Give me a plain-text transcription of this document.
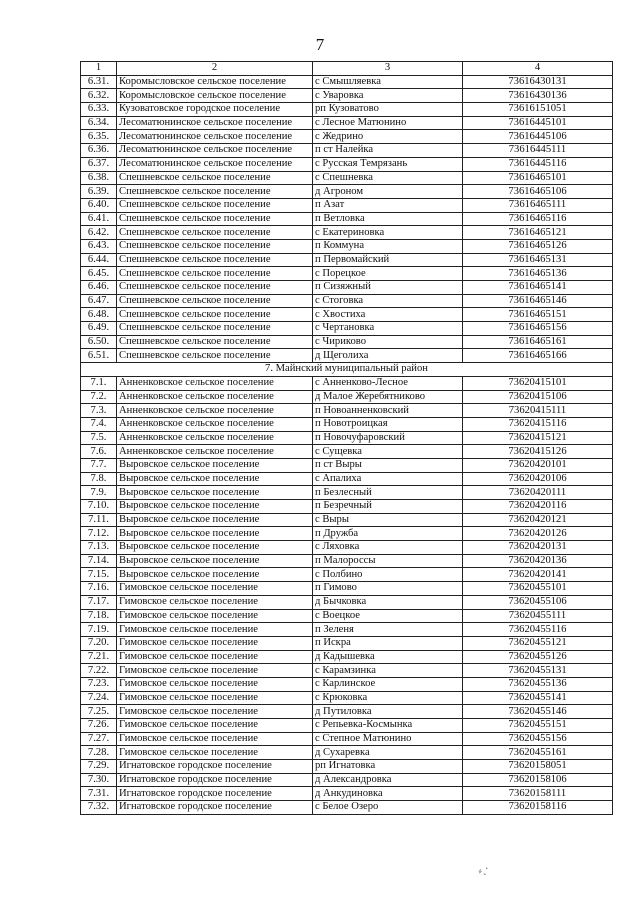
7
1	2	3	4
6.31.	Коромысловское сельское поселение	с Смышляевка	73616430131
6.32.	Коромысловское сельское поселение	с Уваровка	73616430136
6.33.	Кузоватовское городское поселение	рп Кузоватово	73616151051
6.34.	Лесоматюнинское сельское поселение	с Лесное Матюнино	73616445101
6.35.	Лесоматюнинское сельское поселение	с Жедрино	73616445106
6.36.	Лесоматюнинское сельское поселение	п ст Налейка	73616445111
6.37.	Лесоматюнинское сельское поселение	с Русская Темрязань	73616445116
6.38.	Спешневское сельское поселение	с Спешневка	73616465101
6.39.	Спешневское сельское поселение	д Агроном	73616465106
6.40.	Спешневское сельское поселение	п Азат	73616465111
6.41.	Спешневское сельское поселение	п Ветловка	73616465116
6.42.	Спешневское сельское поселение	с Екатериновка	73616465121
6.43.	Спешневское сельское поселение	п Коммуна	73616465126
6.44.	Спешневское сельское поселение	п Первомайский	73616465131
6.45.	Спешневское сельское поселение	с Порецкое	73616465136
6.46.	Спешневское сельское поселение	п Сизяжный	73616465141
6.47.	Спешневское сельское поселение	с Стоговка	73616465146
6.48.	Спешневское сельское поселение	с Хвостиха	73616465151
6.49.	Спешневское сельское поселение	с Чертановка	73616465156
6.50.	Спешневское сельское поселение	с Чириково	73616465161
6.51.	Спешневское сельское поселение	д Щеголиха	73616465166
7. Майнский муниципальный район			
7.1.	Анненковское сельское поселение	с Анненково-Лесное	73620415101
7.2.	Анненковское сельское поселение	д Малое Жеребятниково	73620415106
7.3.	Анненковское сельское поселение	п Новоанненковский	73620415111
7.4.	Анненковское сельское поселение	п Новотроицкая	73620415116
7.5.	Анненковское сельское поселение	п Новочуфаровский	73620415121
7.6.	Анненковское сельское поселение	с Сущевка	73620415126
7.7.	Выровское сельское поселение	п ст Выры	73620420101
7.8.	Выровское сельское поселение	с Апалиха	73620420106
7.9.	Выровское сельское поселение	п Безлесный	73620420111
7.10.	Выровское сельское поселение	п Безречный	73620420116
7.11.	Выровское сельское поселение	с Выры	73620420121
7.12.	Выровское сельское поселение	п Дружба	73620420126
7.13.	Выровское сельское поселение	с Ляховка	73620420131
7.14.	Выровское сельское поселение	п Малороссы	73620420136
7.15.	Выровское сельское поселение	с Полбино	73620420141
7.16.	Гимовское сельское поселение	п Гимово	73620455101
7.17.	Гимовское сельское поселение	д Бычковка	73620455106
7.18.	Гимовское сельское поселение	с Воецкое	73620455111
7.19.	Гимовское сельское поселение	п Зеленя	73620455116
7.20.	Гимовское сельское поселение	п Искра	73620455121
7.21.	Гимовское сельское поселение	д Кадышевка	73620455126
7.22.	Гимовское сельское поселение	с Карамзинка	73620455131
7.23.	Гимовское сельское поселение	с Карлинское	73620455136
7.24.	Гимовское сельское поселение	с Крюковка	73620455141
7.25.	Гимовское сельское поселение	д Путиловка	73620455146
7.26.	Гимовское сельское поселение	с Репьевка-Космынка	73620455151
7.27.	Гимовское сельское поселение	с Степное Матюнино	73620455156
7.28.	Гимовское сельское поселение	д Сухаревка	73620455161
7.29.	Игнатовское городское поселение	рп Игнатовка	73620158051
7.30.	Игнатовское городское поселение	д Александровка	73620158106
7.31.	Игнатовское городское поселение	д Анкудиновка	73620158111
7.32.	Игнатовское городское поселение	с Белое Озеро	73620158116
⸗ˎ·
